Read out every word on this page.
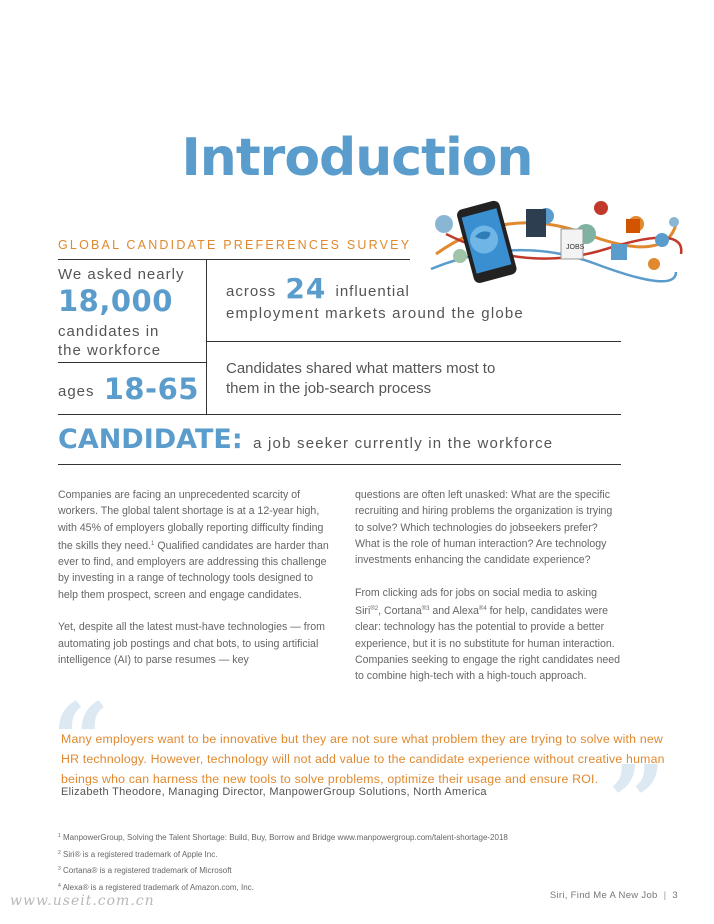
Introduction
JOBS
GLOBAL CANDIDATE PREFERENCES SURVEY
We asked nearly
18,000
candidates in
the workforce
ages 18-65
across 24 influential
employment markets around the globe
Candidates shared what matters most to
them in the job-search process
CANDIDATE: a job seeker currently in the workforce

Companies are facing an unprecedented scarcity of workers. The global talent shortage is at a 12-year high, with 45% of employers globally reporting difficulty finding the skills they need.$^1$ Qualified candidates are harder than ever to find, and employers are addressing this challenge by investing in a range of technology tools designed to help them prospect, screen and engage candidates.

Yet, despite all the latest must-have technologies — from automating job postings and chat bots, to using artificial intelligence (AI) to parse resumes — key

questions are often left unasked: What are the specific recruiting and hiring problems the organization is trying to solve? Which technologies do jobseekers prefer? What is the role of human interaction? Are technology investments enhancing the candidate experience?

From clicking ads for jobs on social media to asking Siri$^{®2}$, Cortana$^{®3}$ and Alexa$^{®4}$ for help, candidates were clear: technology has the potential to provide a better experience, but it is no substitute for human interaction. Companies seeking to engage the right candidates need to combine high-tech with a high-touch approach.

“
”
Many employers want to be innovative but they are not sure what problem they are trying to solve with new HR technology. However, technology will not add value to the candidate experience without creative human beings who can harness the new tools to solve problems, optimize their usage and ensure ROI.
Elizabeth Theodore, Managing Director, ManpowerGroup Solutions, North America
$^1$ ManpowerGroup, Solving the Talent Shortage: Build, Buy, Borrow and Bridge www.manpowergroup.com/talent-shortage-2018
$^2$ Siri® is a registered trademark of Apple Inc.
$^3$ Cortana® is a registered trademark of Microsoft
$^4$ Alexa® is a registered trademark of Amazon.com, Inc.
Siri, Find Me A New Job | 3
www.useit.com.cn
